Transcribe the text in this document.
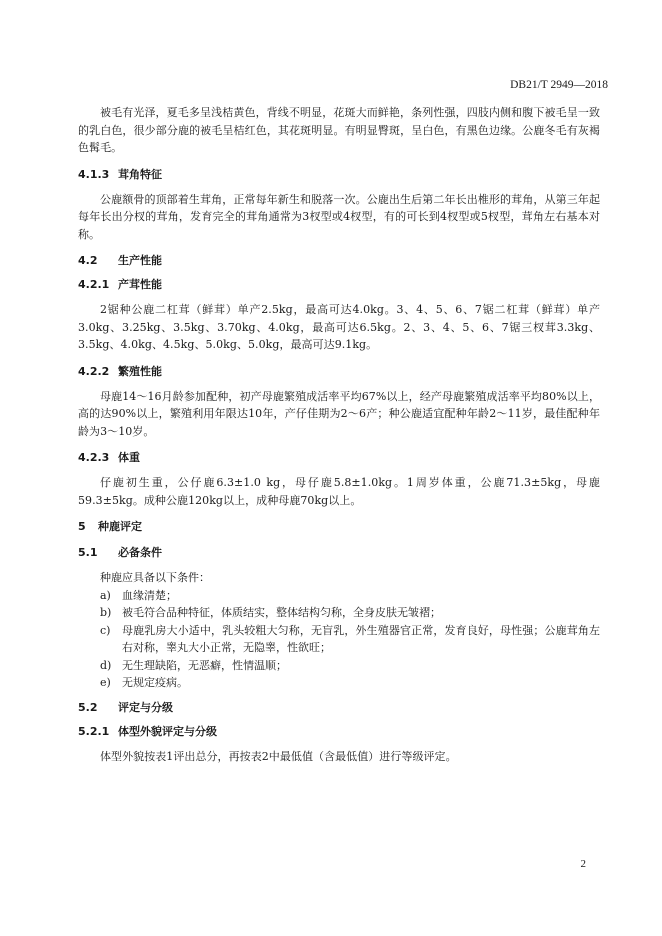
DB21/T 2949—2018

被毛有光泽，夏毛多呈浅桔黄色，背线不明显，花斑大而鲜艳，条列性强，四肢内侧和腹下被毛呈一致的乳白色，很少部分鹿的被毛呈桔红色，其花斑明显。有明显臀斑，呈白色，有黑色边缘。公鹿冬毛有灰褐色髯毛。

4.1.3 茸角特征

公鹿额骨的顶部着生茸角，正常每年新生和脱落一次。公鹿出生后第二年长出椎形的茸角，从第三年起每年长出分杈的茸角，发育完全的茸角通常为3杈型或4杈型，有的可长到4杈型或5杈型，茸角左右基本对称。

4.2 生产性能
4.2.1 产茸性能

2锯种公鹿二杠茸（鲜茸）单产2.5kg，最高可达4.0kg。3、4、5、6、7锯二杠茸（鲜茸）单产3.0kg、3.25kg、3.5kg、3.70kg、4.0kg，最高可达6.5kg。2、3、4、5、6、7锯三杈茸3.3kg、3.5kg、4.0kg、4.5kg、5.0kg、5.0kg，最高可达9.1kg。

4.2.2 繁殖性能

母鹿14～16月龄参加配种，初产母鹿繁殖成活率平均67%以上，经产母鹿繁殖成活率平均80%以上，高的达90%以上，繁殖利用年限达10年，产仔佳期为2～6产；种公鹿适宜配种年龄2～11岁，最佳配种年龄为3～10岁。

4.2.3 体重

仔鹿初生重，公仔鹿6.3±1.0 kg，母仔鹿5.8±1.0kg。1周岁体重，公鹿71.3±5kg，母鹿59.3±5kg。成种公鹿120kg以上，成种母鹿70kg以上。

5 种鹿评定
5.1 必备条件

种鹿应具备以下条件：

a)	血缘清楚；
b) 被毛符合品种特征，体质结实，整体结构匀称，全身皮肤无皱褶；
c)	母鹿乳房大小适中，乳头较粗大匀称，无盲乳，外生殖器官正常，发育良好，母性强；公鹿茸角左右对称，睾丸大小正常，无隐睾，性欲旺；
d) 无生理缺陷，无恶癖，性情温顺；
e)	无规定疫病。
5.2 评定与分级
5.2.1 体型外貌评定与分级

体型外貌按表1评出总分，再按表2中最低值（含最低值）进行等级评定。

2
